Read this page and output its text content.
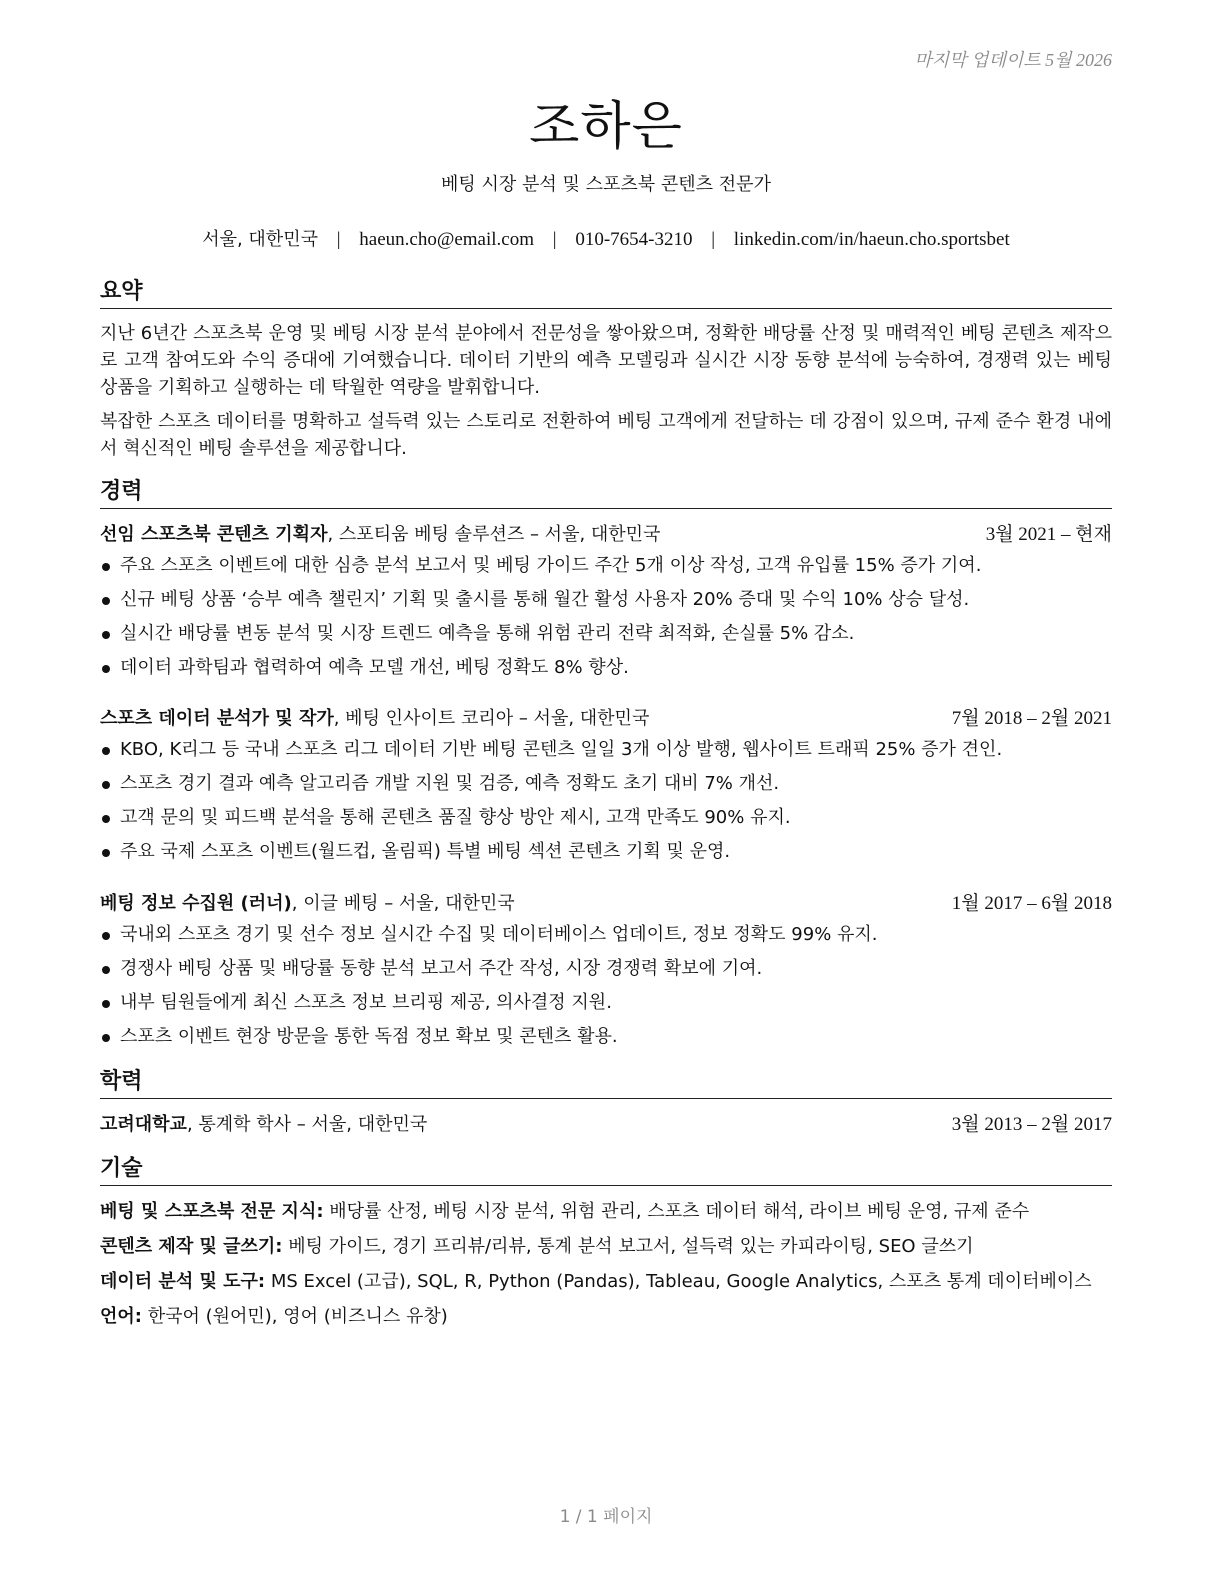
마지막 업데이트 5월 2026
조하은
베팅 시장 분석 및 스포츠북 콘텐츠 전문가
서울, 대한민국 | haeun.cho@email.com | 010-7654-3210 | linkedin.com/in/haeun.cho.sportsbet
요약

지난 6년간 스포츠북 운영 및 베팅 시장 분석 분야에서 전문성을 쌓아왔으며, 정확한 배당률 산정 및 매력적인 베팅 콘텐츠 제작으로 고객 참여도와 수익 증대에 기여했습니다. 데이터 기반의 예측 모델링과 실시간 시장 동향 분석에 능숙하여, 경쟁력 있는 베팅 상품을 기획하고 실행하는 데 탁월한 역량을 발휘합니다.

복잡한 스포츠 데이터를 명확하고 설득력 있는 스토리로 전환하여 베팅 고객에게 전달하는 데 강점이 있으며, 규제 준수 환경 내에서 혁신적인 베팅 솔루션을 제공합니다.

경력
선임 스포츠북 콘텐츠 기획자, 스포티움 베팅 솔루션즈 – 서울, 대한민국	3월 2021 – 현재
주요 스포츠 이벤트에 대한 심층 분석 보고서 및 베팅 가이드 주간 5개 이상 작성, 고객 유입률 15% 증가 기여.
신규 베팅 상품 ‘승부 예측 챌린지’ 기획 및 출시를 통해 월간 활성 사용자 20% 증대 및 수익 10% 상승 달성.
실시간 배당률 변동 분석 및 시장 트렌드 예측을 통해 위험 관리 전략 최적화, 손실률 5% 감소.
데이터 과학팀과 협력하여 예측 모델 개선, 베팅 정확도 8% 향상.
스포츠 데이터 분석가 및 작가, 베팅 인사이트 코리아 – 서울, 대한민국	7월 2018 – 2월 2021
KBO, K리그 등 국내 스포츠 리그 데이터 기반 베팅 콘텐츠 일일 3개 이상 발행, 웹사이트 트래픽 25% 증가 견인.
스포츠 경기 결과 예측 알고리즘 개발 지원 및 검증, 예측 정확도 초기 대비 7% 개선.
고객 문의 및 피드백 분석을 통해 콘텐츠 품질 향상 방안 제시, 고객 만족도 90% 유지.
주요 국제 스포츠 이벤트(월드컵, 올림픽) 특별 베팅 섹션 콘텐츠 기획 및 운영.
베팅 정보 수집원 (러너), 이글 베팅 – 서울, 대한민국	1월 2017 – 6월 2018
국내외 스포츠 경기 및 선수 정보 실시간 수집 및 데이터베이스 업데이트, 정보 정확도 99% 유지.
경쟁사 베팅 상품 및 배당률 동향 분석 보고서 주간 작성, 시장 경쟁력 확보에 기여.
내부 팀원들에게 최신 스포츠 정보 브리핑 제공, 의사결정 지원.
스포츠 이벤트 현장 방문을 통한 독점 정보 확보 및 콘텐츠 활용.
학력
고려대학교, 통계학 학사 – 서울, 대한민국	3월 2013 – 2월 2017
기술
베팅 및 스포츠북 전문 지식: 배당률 산정, 베팅 시장 분석, 위험 관리, 스포츠 데이터 해석, 라이브 베팅 운영, 규제 준수
콘텐츠 제작 및 글쓰기: 베팅 가이드, 경기 프리뷰/리뷰, 통계 분석 보고서, 설득력 있는 카피라이팅, SEO 글쓰기
데이터 분석 및 도구: MS Excel (고급), SQL, R, Python (Pandas), Tableau, Google Analytics, 스포츠 통계 데이터베이스
언어: 한국어 (원어민), 영어 (비즈니스 유창)
1 / 1 페이지
